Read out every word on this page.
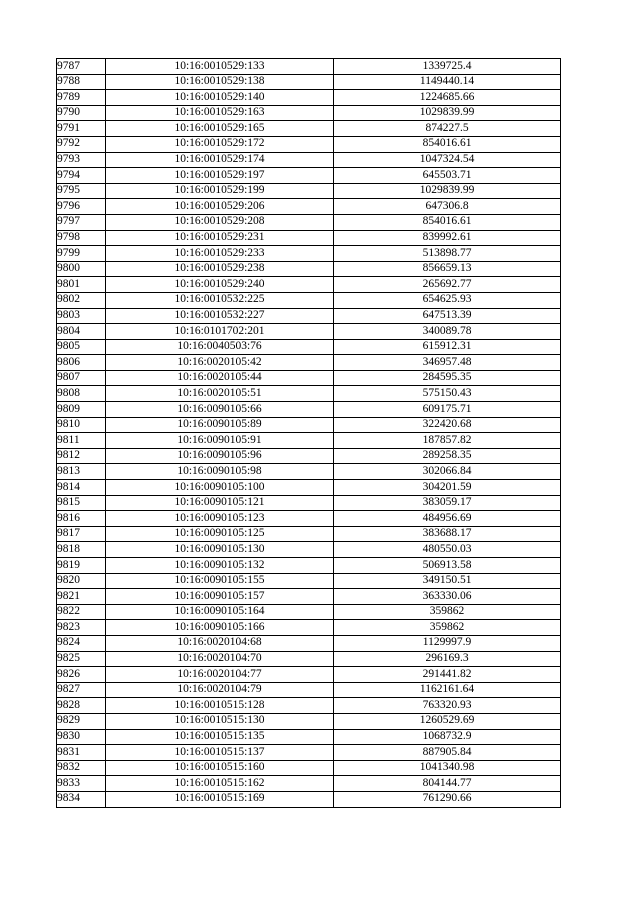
9787	10:16:0010529:133	1339725.4
9788	10:16:0010529:138	1149440.14
9789	10:16:0010529:140	1224685.66
9790	10:16:0010529:163	1029839.99
9791	10:16:0010529:165	874227.5
9792	10:16:0010529:172	854016.61
9793	10:16:0010529:174	1047324.54
9794	10:16:0010529:197	645503.71
9795	10:16:0010529:199	1029839.99
9796	10:16:0010529:206	647306.8
9797	10:16:0010529:208	854016.61
9798	10:16:0010529:231	839992.61
9799	10:16:0010529:233	513898.77
9800	10:16:0010529:238	856659.13
9801	10:16:0010529:240	265692.77
9802	10:16:0010532:225	654625.93
9803	10:16:0010532:227	647513.39
9804	10:16:0101702:201	340089.78
9805	10:16:0040503:76	615912.31
9806	10:16:0020105:42	346957.48
9807	10:16:0020105:44	284595.35
9808	10:16:0020105:51	575150.43
9809	10:16:0090105:66	609175.71
9810	10:16:0090105:89	322420.68
9811	10:16:0090105:91	187857.82
9812	10:16:0090105:96	289258.35
9813	10:16:0090105:98	302066.84
9814	10:16:0090105:100	304201.59
9815	10:16:0090105:121	383059.17
9816	10:16:0090105:123	484956.69
9817	10:16:0090105:125	383688.17
9818	10:16:0090105:130	480550.03
9819	10:16:0090105:132	506913.58
9820	10:16:0090105:155	349150.51
9821	10:16:0090105:157	363330.06
9822	10:16:0090105:164	359862
9823	10:16:0090105:166	359862
9824	10:16:0020104:68	1129997.9
9825	10:16:0020104:70	296169.3
9826	10:16:0020104:77	291441.82
9827	10:16:0020104:79	1162161.64
9828	10:16:0010515:128	763320.93
9829	10:16:0010515:130	1260529.69
9830	10:16:0010515:135	1068732.9
9831	10:16:0010515:137	887905.84
9832	10:16:0010515:160	1041340.98
9833	10:16:0010515:162	804144.77
9834	10:16:0010515:169	761290.66
